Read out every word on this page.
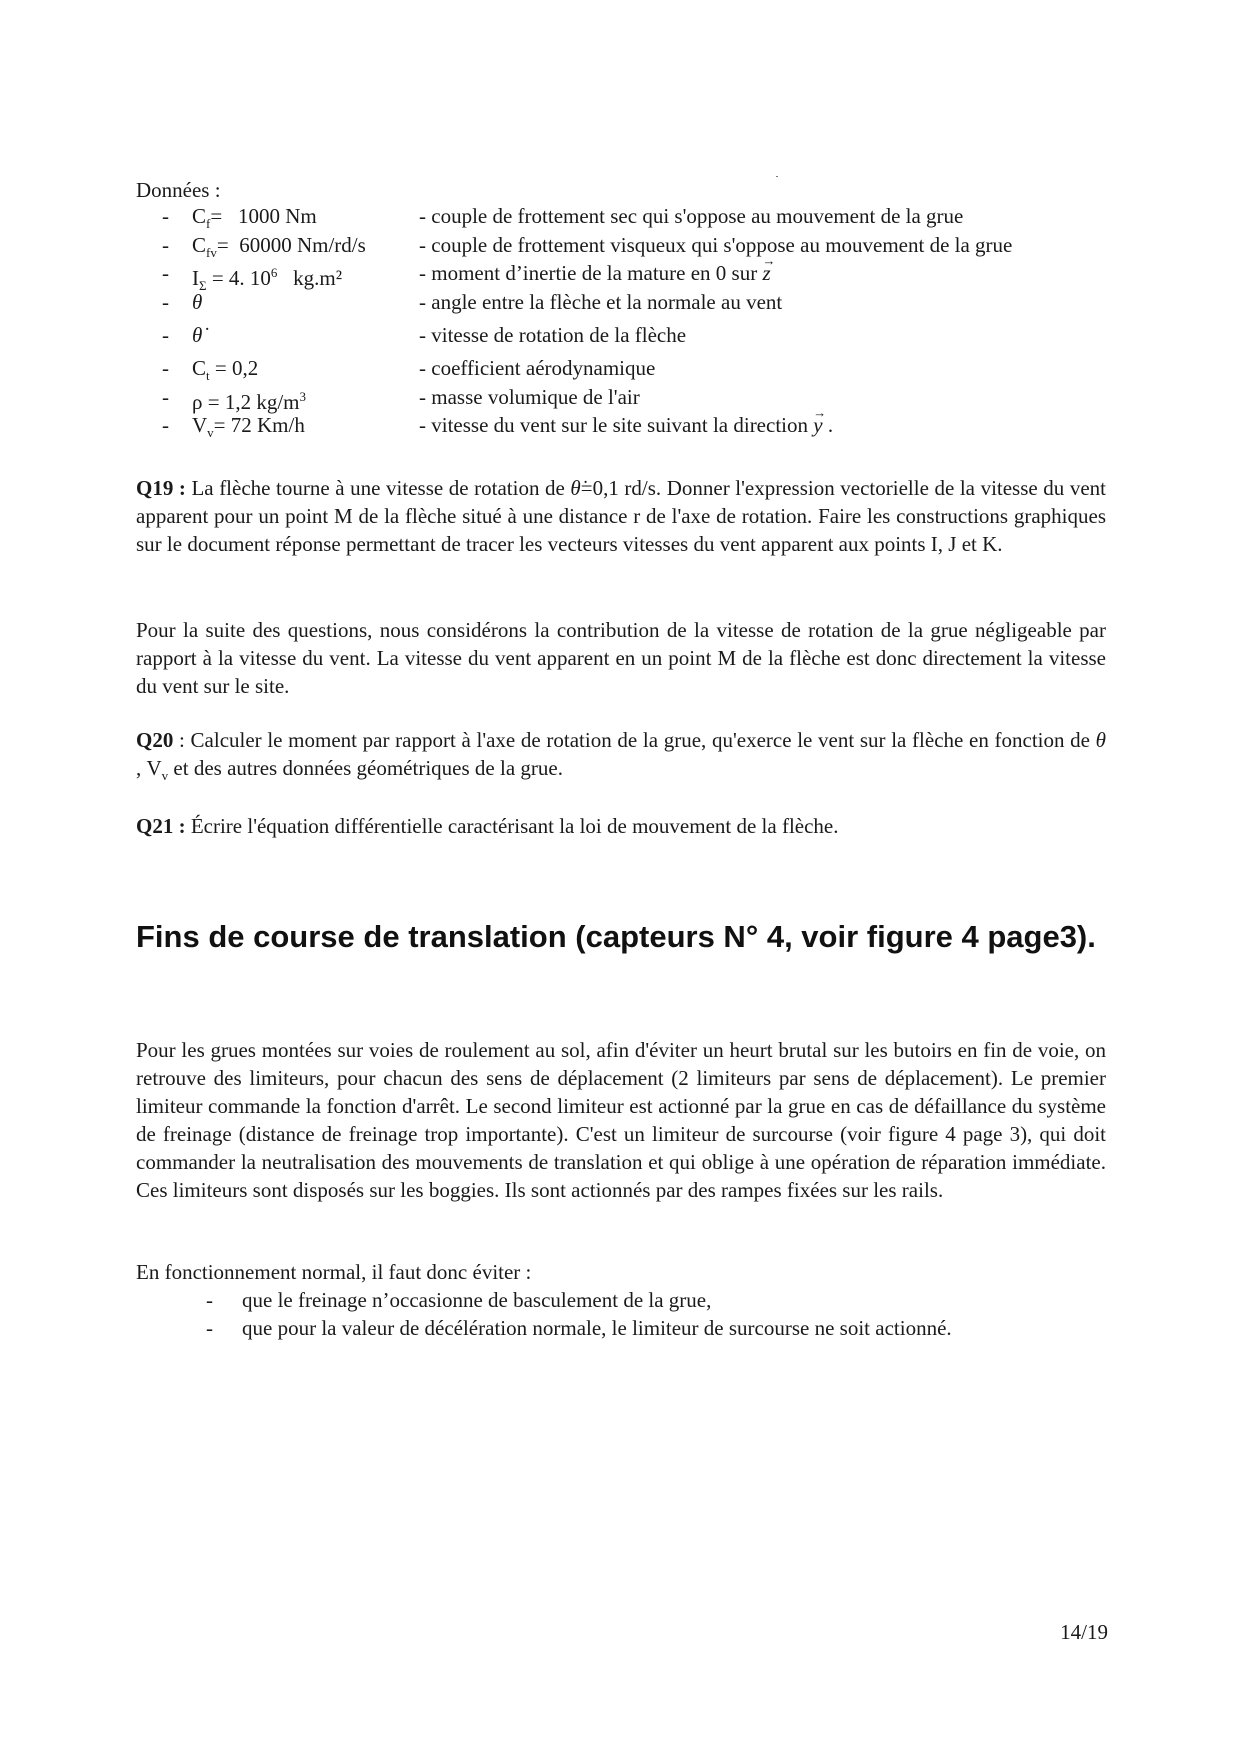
Données :
- $C_f= 1000$ Nm	- couple de frottement sec qui s'oppose au mouvement de la grue
- $C_{fv}= 60000$ Nm/rd/s	- couple de frottement visqueux qui s'oppose au mouvement de la grue
- $I_\Sigma = 4$. $10^6$ kg.m²	- moment d’inertie de la mature en 0 sur → z
- θ	- angle entre la flèche et la normale au vent
- θ̇	- vitesse de rotation de la flèche
- $C_t = 0,2$	- coefficient aérodynamique
- ρ = 1,2 $kg/m^3$	- masse volumique de l'air
- $V_v= 72$ Km/h	- vitesse du vent sur le site suivant la direction → y .

Q19 : La flèche tourne à une vitesse de rotation de θ̇=0,1 rd/s. Donner l'expression vectorielle de la vitesse du vent apparent pour un point M de la flèche situé à une distance r de l'axe de rotation. Faire les constructions graphiques sur le document réponse permettant de tracer les vecteurs vitesses du vent apparent aux points I, J et K.

Pour la suite des questions, nous considérons la contribution de la vitesse de rotation de la grue négligeable par rapport à la vitesse du vent. La vitesse du vent apparent en un point M de la flèche est donc directement la vitesse du vent sur le site.

Q20 : Calculer le moment par rapport à l'axe de rotation de la grue, qu'exerce le vent sur la flèche en fonction de θ , $V_v$ et des autres données géométriques de la grue.

Q21 : Écrire l'équation différentielle caractérisant la loi de mouvement de la flèche.

Fins de course de translation (capteurs N° 4, voir figure 4 page3).

Pour les grues montées sur voies de roulement au sol, afin d'éviter un heurt brutal sur les butoirs en fin de voie, on retrouve des limiteurs, pour chacun des sens de déplacement (2 limiteurs par sens de déplacement). Le premier limiteur commande la fonction d'arrêt. Le second limiteur est actionné par la grue en cas de défaillance du système de freinage (distance de freinage trop importante). C'est un limiteur de surcourse (voir figure 4 page 3), qui doit commander la neutralisation des mouvements de translation et qui oblige à une opération de réparation immédiate. Ces limiteurs sont disposés sur les boggies. Ils sont actionnés par des rampes fixées sur les rails.

En fonctionnement normal, il faut donc éviter :

- que le freinage n’occasionne de basculement de la grue,
- que pour la valeur de décélération normale, le limiteur de surcourse ne soit actionné.
14/19
